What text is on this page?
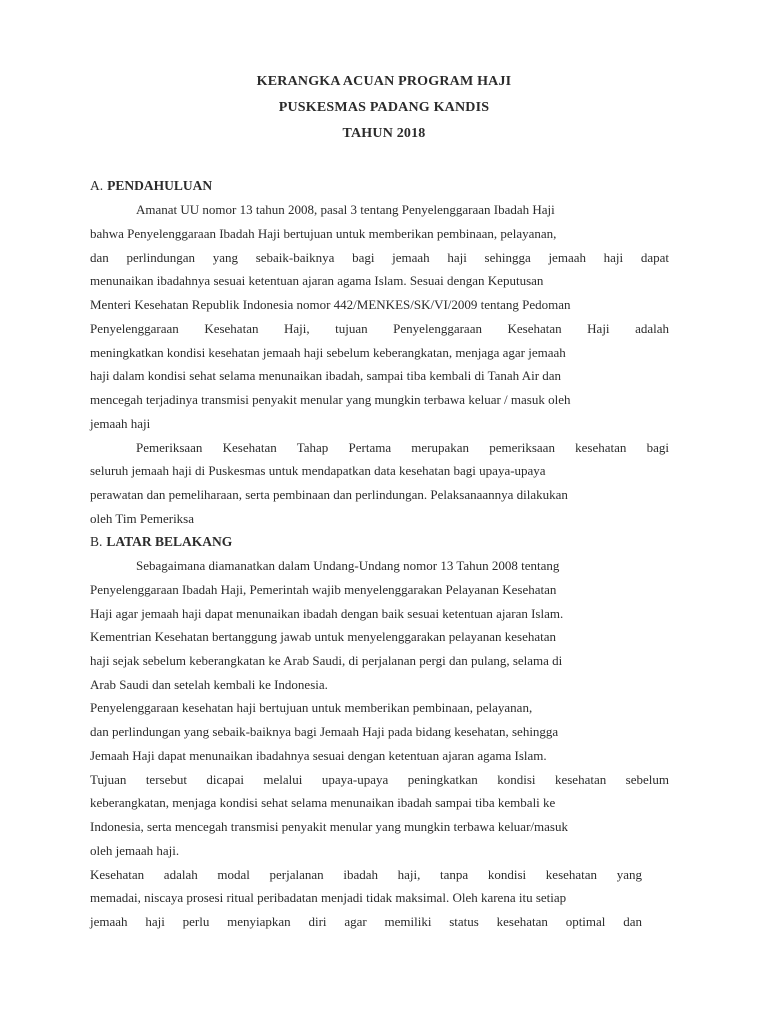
KERANGKA ACUAN PROGRAM HAJI
PUSKESMAS PADANG KANDIS
TAHUN 2018
A. PENDAHULUAN
Amanat UU nomor 13 tahun 2008, pasal 3 tentang Penyelenggaraan Ibadah Haji
bahwa Penyelenggaraan Ibadah Haji bertujuan untuk memberikan pembinaan, pelayanan,
dan perlindungan yang sebaik-baiknya bagi jemaah haji sehingga jemaah haji dapat
menunaikan ibadahnya sesuai ketentuan ajaran agama Islam. Sesuai dengan Keputusan
Menteri Kesehatan Republik Indonesia nomor 442/MENKES/SK/VI/2009 tentang Pedoman
Penyelenggaraan Kesehatan Haji, tujuan Penyelenggaraan Kesehatan Haji adalah
meningkatkan kondisi kesehatan jemaah haji sebelum keberangkatan, menjaga agar jemaah
haji dalam kondisi sehat selama menunaikan ibadah, sampai tiba kembali di Tanah Air dan
mencegah terjadinya transmisi penyakit menular yang mungkin terbawa keluar / masuk oleh
jemaah haji
Pemeriksaan Kesehatan Tahap Pertama merupakan pemeriksaan kesehatan bagi
seluruh jemaah haji di Puskesmas untuk mendapatkan data kesehatan bagi upaya-upaya
perawatan dan pemeliharaan, serta pembinaan dan perlindungan. Pelaksanaannya dilakukan
oleh Tim Pemeriksa
B. LATAR BELAKANG
Sebagaimana diamanatkan dalam Undang-Undang nomor 13 Tahun 2008 tentang
Penyelenggaraan Ibadah Haji, Pemerintah wajib menyelenggarakan Pelayanan Kesehatan
Haji agar jemaah haji dapat menunaikan ibadah dengan baik sesuai ketentuan ajaran Islam.
Kementrian Kesehatan bertanggung jawab untuk menyelenggarakan pelayanan kesehatan
haji sejak sebelum keberangkatan ke Arab Saudi, di perjalanan pergi dan pulang, selama di
Arab Saudi dan setelah kembali ke Indonesia.
Penyelenggaraan kesehatan haji bertujuan untuk memberikan pembinaan, pelayanan,
dan perlindungan yang sebaik-baiknya bagi Jemaah Haji pada bidang kesehatan, sehingga
Jemaah Haji dapat menunaikan ibadahnya sesuai dengan ketentuan ajaran agama Islam.
Tujuan tersebut dicapai melalui upaya-upaya peningkatkan kondisi kesehatan sebelum
keberangkatan, menjaga kondisi sehat selama menunaikan ibadah sampai tiba kembali ke
Indonesia, serta mencegah transmisi penyakit menular yang mungkin terbawa keluar/masuk
oleh jemaah haji.
Kesehatan adalah modal perjalanan ibadah haji, tanpa kondisi kesehatan yang
memadai, niscaya prosesi ritual peribadatan menjadi tidak maksimal. Oleh karena itu setiap
jemaah haji perlu menyiapkan diri agar memiliki status kesehatan optimal dan
